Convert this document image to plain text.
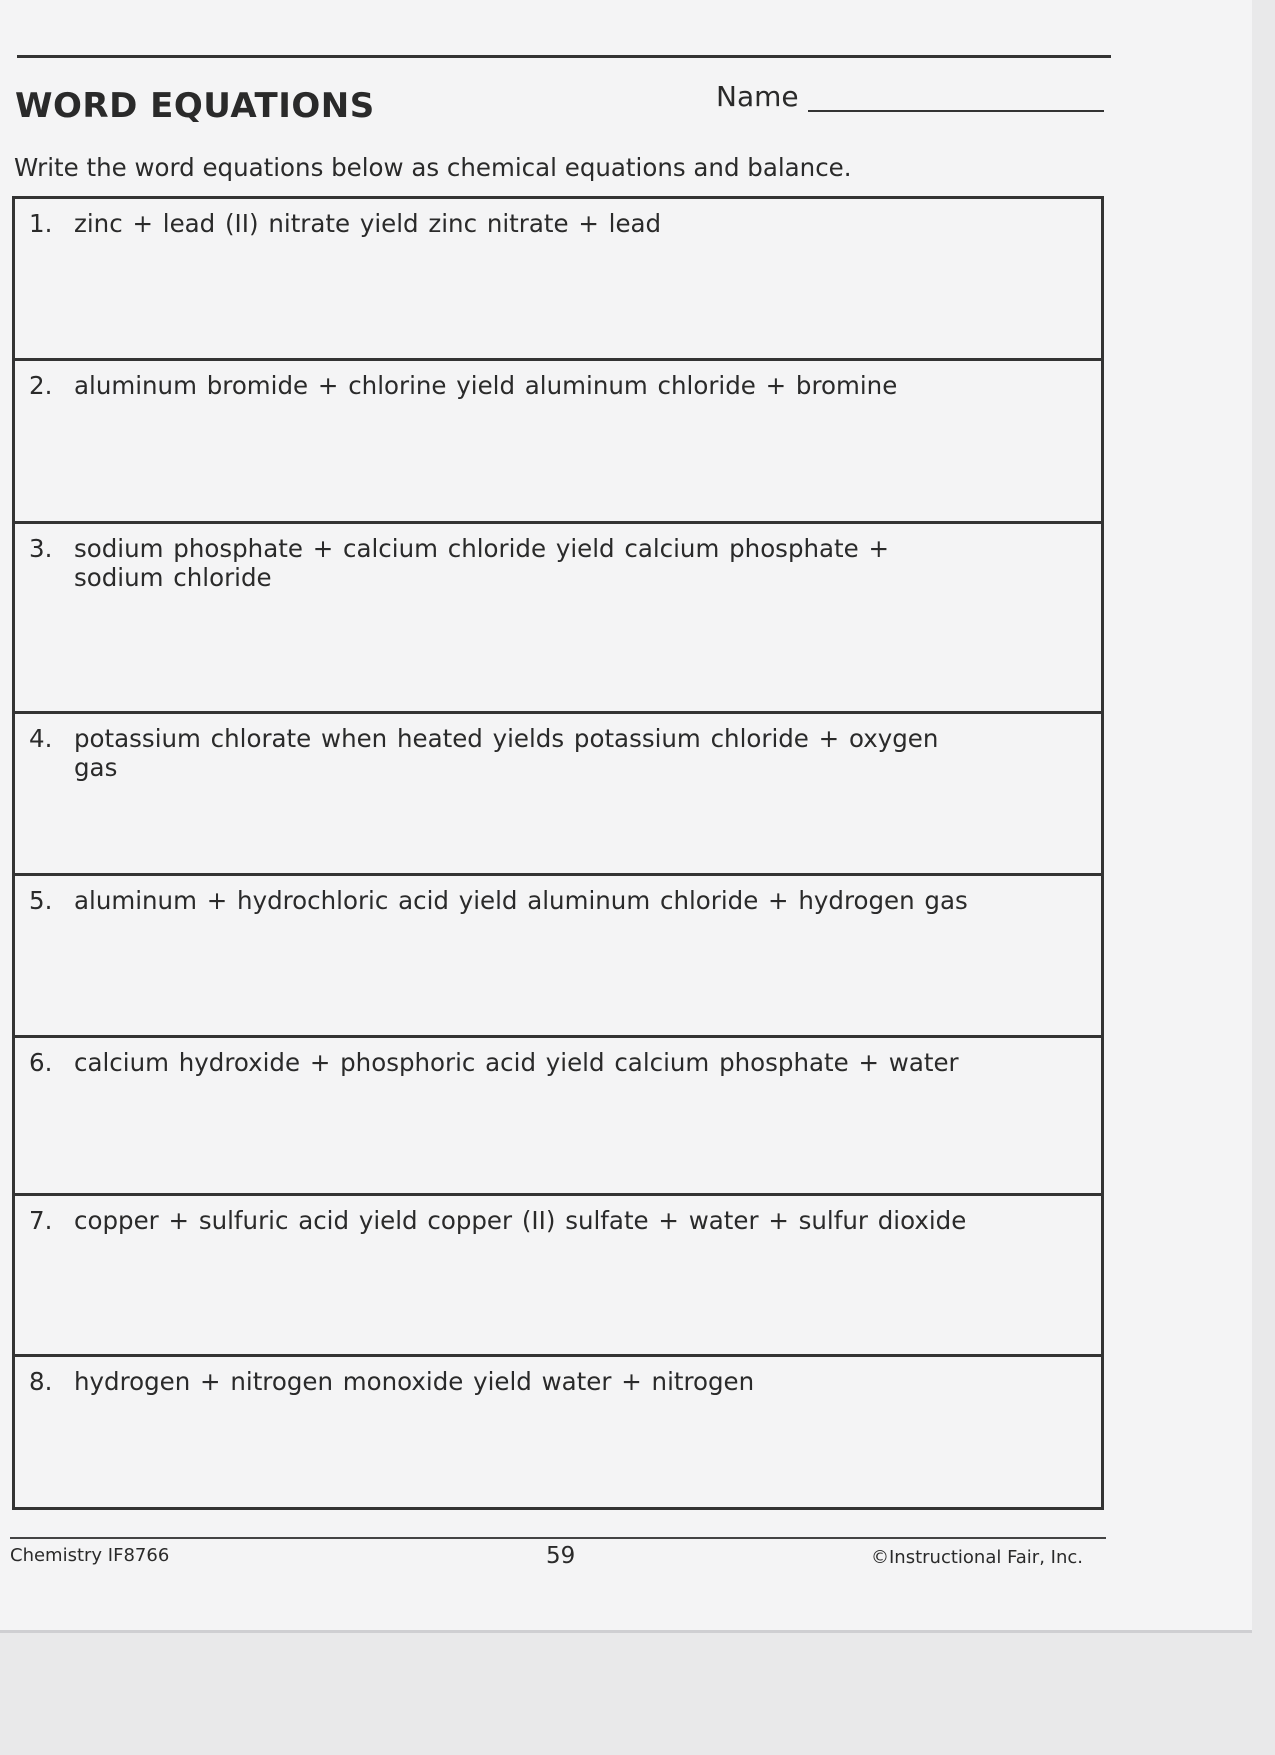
WORD EQUATIONS	Name
Write the word equations below as chemical equations and balance.
1. zinc + lead (II) nitrate yield zinc nitrate + lead
2. aluminum bromide + chlorine yield aluminum chloride + bromine
3. sodium phosphate + calcium chloride yield calcium phosphate + sodium chloride
4. potassium chlorate when heated yields potassium chloride + oxygen gas
5. aluminum + hydrochloric acid yield aluminum chloride + hydrogen gas
6. calcium hydroxide + phosphoric acid yield calcium phosphate + water
7. copper + sulfuric acid yield copper (II) sulfate + water + sulfur dioxide
8. hydrogen + nitrogen monoxide yield water + nitrogen
Chemistry IF8766	59	©Instructional Fair, Inc.
